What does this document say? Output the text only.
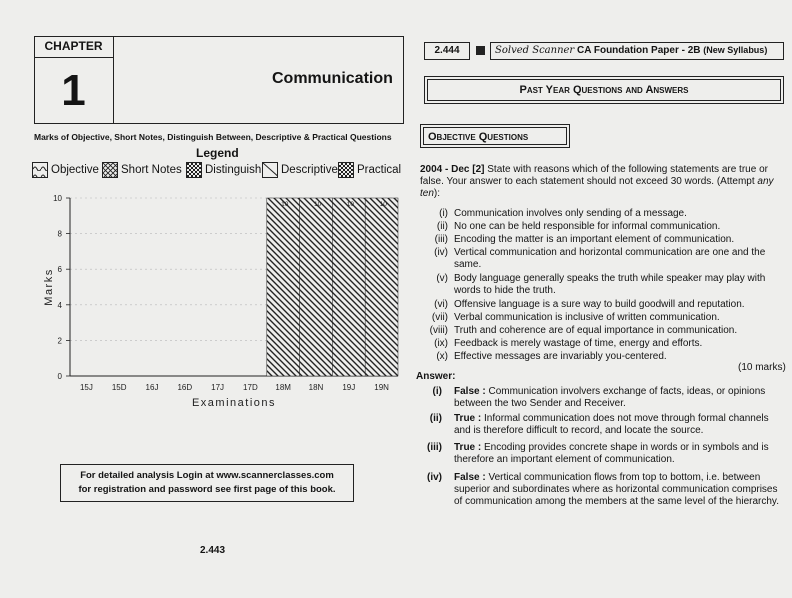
CHAPTER
1	Communication
Marks of Objective, Short Notes, Distinguish Between, Descriptive & Practical Questions
Legend
Objective Short Notes Distinguish Descriptive Practical
0
2
4
6
8
10
15J 15D 16J 16D 17J 17D
10
18M
10
18N
10
19J
10
19N
Marks
Examinations
For detailed analysis Login at www.scannerclasses.com
for registration and password see first page of this book.
2.443
2.444	Solved Scanner CA Foundation Paper - 2B (New Syllabus)
Past Year Questions and Answers
Objective Questions
2004 - Dec [2] State with reasons which of the following statements are true or false. Your answer to each statement should not exceed 30 words. (Attempt any ten):
(i) Communication involves only sending of a message.
(ii) No one can be held responsible for informal communication.
(iii) Encoding the matter is an important element of communication.
(iv) Vertical communication and horizontal communication are one and the same.
(v) Body language generally speaks the truth while speaker may play with words to hide the truth.
(vi) Offensive language is a sure way to build goodwill and reputation.
(vii) Verbal communication is inclusive of written communication.
(viii) Truth and coherence are of equal importance in communication.
(ix) Feedback is merely wastage of time, energy and efforts.
(x) Effective messages are invariably you-centered.
(10 marks)
Answer:
(i) False : Communication involvers exchange of facts, ideas, or opinions between the two Sender and Receiver.
(ii) True : Informal communication does not move through formal channels and is therefore difficult to record, and locate the source.
(iii) True : Encoding provides concrete shape in words or in symbols and is therefore an important element of communication.
(iv) False : Vertical communication flows from top to bottom, i.e. between superior and subordinates where as horizontal communication comprises of communication among the members at the same level of the hierarchy.
